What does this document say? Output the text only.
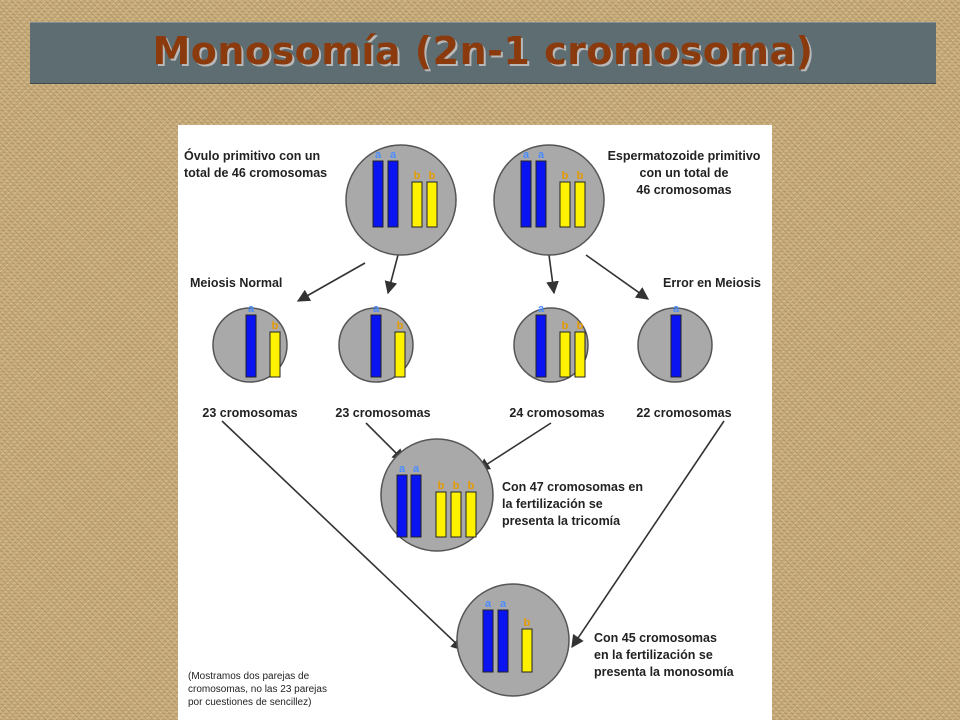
Monosomía (2n-1 cromosoma)
a a
b b
a a
b b
a
b
a
b
a
b b
a
a a
b b b
a a
b
Óvulo primitivo con un
total de 46 cromosomas
Espermatozoide primitivo
con un total de
46 cromosomas
Meiosis Normal	Error en Meiosis
23 cromosomas	23 cromosomas	24 cromosomas	22 cromosomas
Con 47 cromosomas en
la fertilización se
presenta la tricomía
Con 45 cromosomas
en la fertilización se
presenta la monosomía
(Mostramos dos parejas de
cromosomas, no las 23 parejas
por cuestiones de sencillez)
